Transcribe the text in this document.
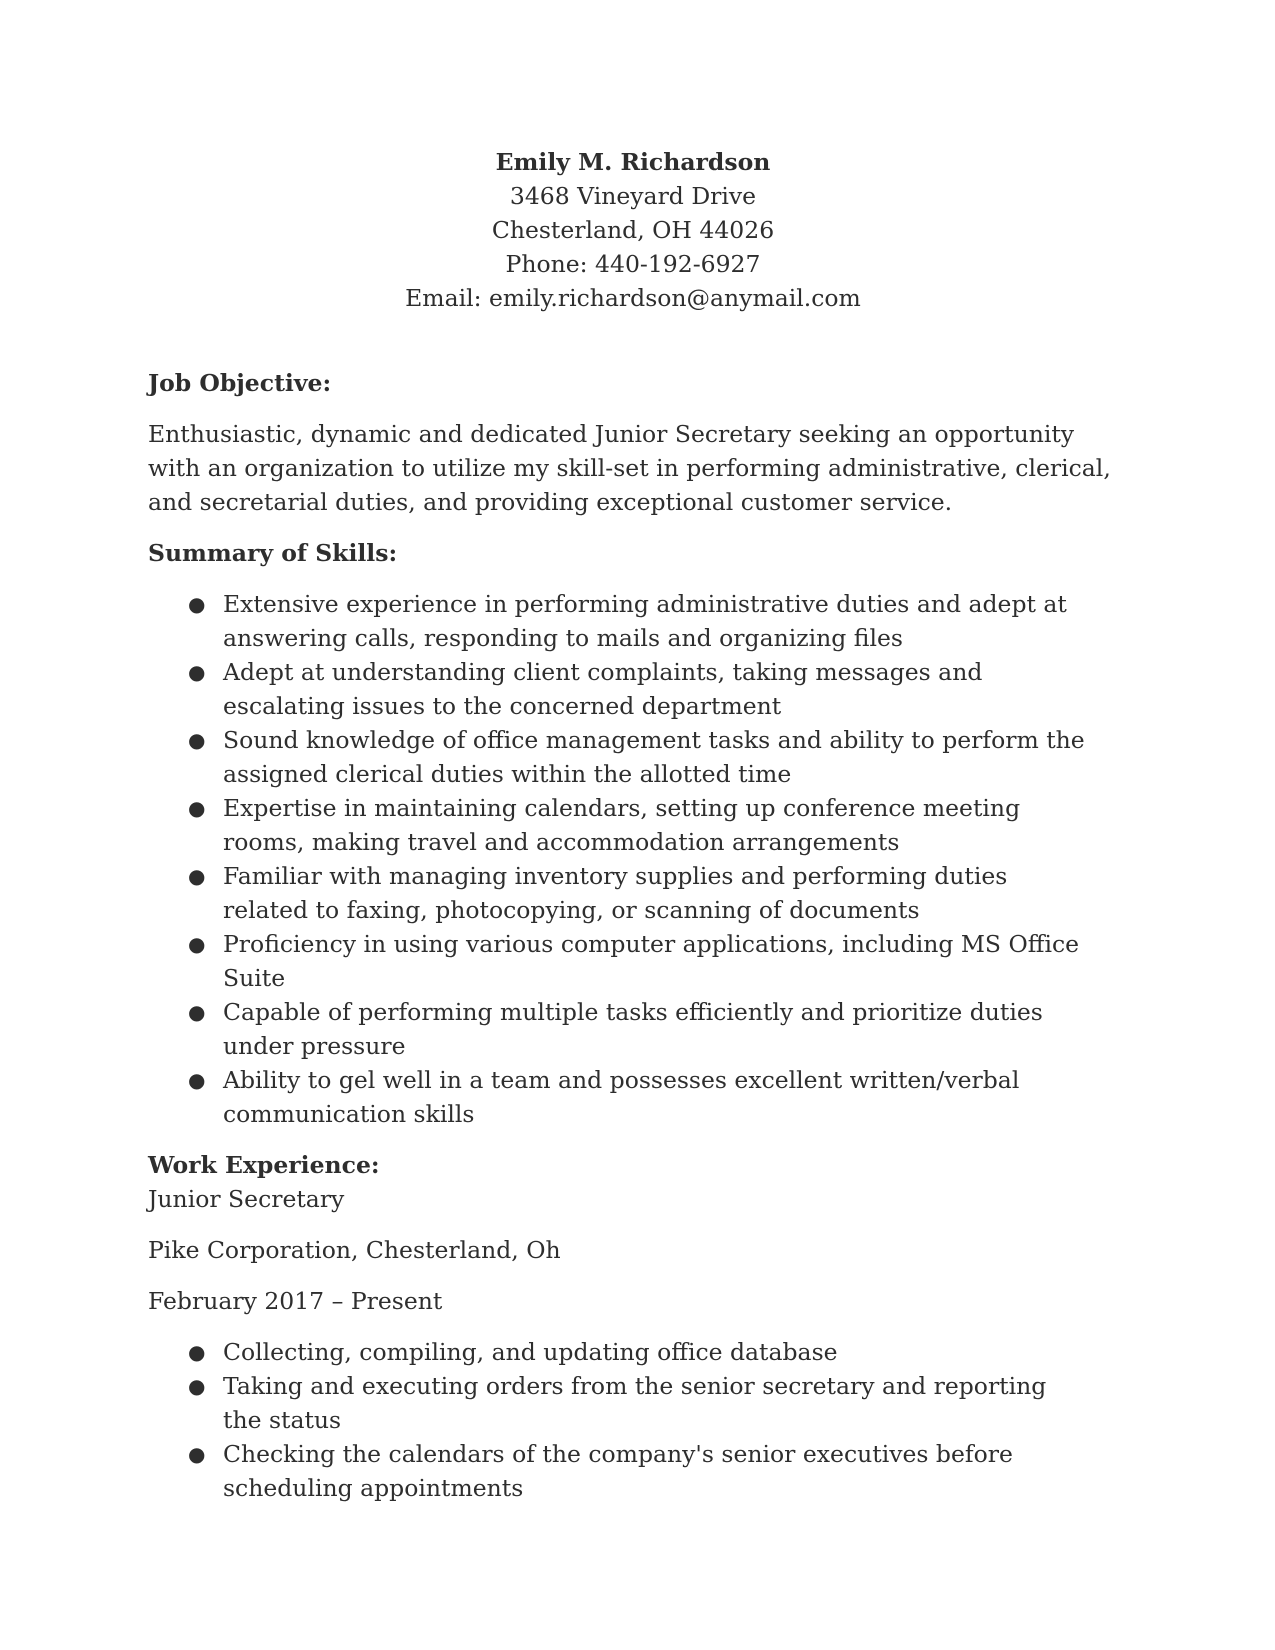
Emily M. Richardson
3468 Vineyard Drive
Chesterland, OH 44026
Phone: 440-192-6927
Email: emily.richardson@anymail.com
Job Objective:

Enthusiastic, dynamic and dedicated Junior Secretary seeking an opportunity with an organization to utilize my skill-set in performing administrative, clerical, and secretarial duties, and providing exceptional customer service.

Summary of Skills:
● Extensive experience in performing administrative duties and adept at answering calls, responding to mails and organizing files
● Adept at understanding client complaints, taking messages and escalating issues to the concerned department
● Sound knowledge of office management tasks and ability to perform the assigned clerical duties within the allotted time
● Expertise in maintaining calendars, setting up conference meeting rooms, making travel and accommodation arrangements
● Familiar with managing inventory supplies and performing duties related to faxing, photocopying, or scanning of documents
● Proficiency in using various computer applications, including MS Office Suite
● Capable of performing multiple tasks efficiently and prioritize duties under pressure
● Ability to gel well in a team and possesses excellent written/verbal communication skills
Work Experience:

Junior Secretary

Pike Corporation, Chesterland, Oh

February 2017 – Present

● Collecting, compiling, and updating office database
● Taking and executing orders from the senior secretary and reporting the status
● Checking the calendars of the company's senior executives before scheduling appointments
